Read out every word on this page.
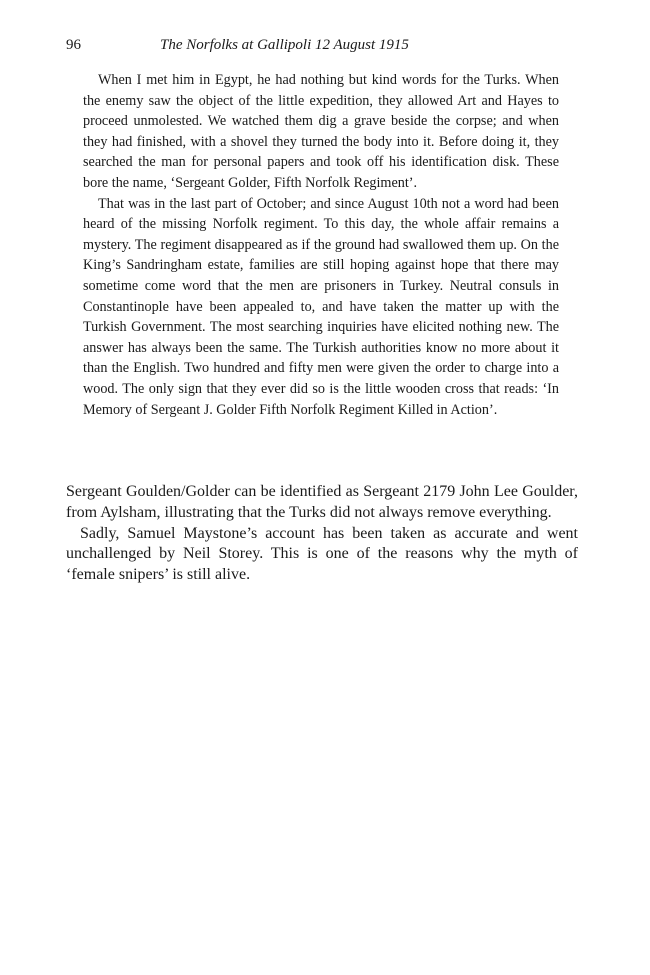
96	The Norfolks at Gallipoli 12 August 1915

When I met him in Egypt, he had nothing but kind words for the Turks. When the enemy saw the object of the little expedition, they allowed Art and Hayes to proceed unmolested. We watched them dig a grave beside the corpse; and when they had finished, with a shovel they turned the body into it. Before doing it, they searched the man for personal papers and took off his identification disk. These bore the name, ‘Sergeant Golder, Fifth Norfolk Regiment’.

That was in the last part of October; and since August 10th not a word had been heard of the missing Norfolk regiment. To this day, the whole affair remains a mystery. The regiment disappeared as if the ground had swallowed them up. On the King’s Sandringham estate, families are still hoping against hope that there may sometime come word that the men are prisoners in Turkey. Neutral consuls in Constantinople have been appealed to, and have taken the matter up with the Turkish Government. The most searching inquiries have elicited nothing new. The answer has always been the same. The Turkish authorities know no more about it than the English. Two hundred and fifty men were given the order to charge into a wood. The only sign that they ever did so is the little wooden cross that reads: ‘In Memory of Sergeant J. Golder Fifth Norfolk Regiment Killed in Action’.

Sergeant Goulden/Golder can be identified as Sergeant 2179 John Lee Goulder, from Aylsham, illustrating that the Turks did not always remove everything.

Sadly, Samuel Maystone’s account has been taken as accurate and went unchallenged by Neil Storey. This is one of the reasons why the myth of ‘female snipers’ is still alive.
